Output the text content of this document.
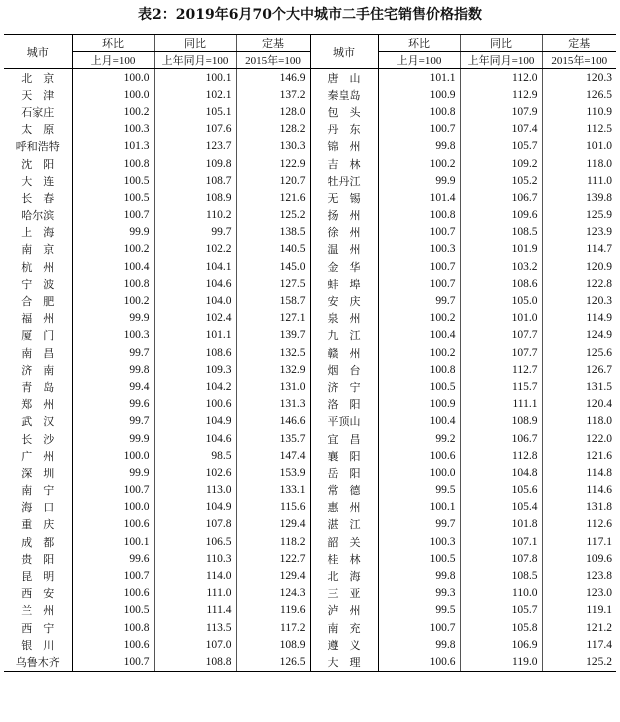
表2：2019年6月70个大中城市二手住宅销售价格指数
城市	环比	同比	定基	城市	环比	同比	定基
	上月=100	上年同月=100	2015年=100		上月=100	上年同月=100	2015年=100
北　京	100.0	100.1	146.9	唐　山	101.1	112.0	120.3
天　津	100.0	102.1	137.2	秦皇岛	100.9	112.9	126.5
石家庄	100.2	105.1	128.0	包　头	100.8	107.9	110.9
太　原	100.3	107.6	128.2	丹　东	100.7	107.4	112.5
呼和浩特	101.3	123.7	130.3	锦　州	99.8	105.7	101.0
沈　阳	100.8	109.8	122.9	吉　林	100.2	109.2	118.0
大　连	100.5	108.7	120.7	牡丹江	99.9	105.2	111.0
长　春	100.5	108.9	121.6	无　锡	101.4	106.7	139.8
哈尔滨	100.7	110.2	125.2	扬　州	100.8	109.6	125.9
上　海	99.9	99.7	138.5	徐　州	100.7	108.5	123.9
南　京	100.2	102.2	140.5	温　州	100.3	101.9	114.7
杭　州	100.4	104.1	145.0	金　华	100.7	103.2	120.9
宁　波	100.8	104.6	127.5	蚌　埠	100.7	108.6	122.8
合　肥	100.2	104.0	158.7	安　庆	99.7	105.0	120.3
福　州	99.9	102.4	127.1	泉　州	100.2	101.0	114.9
厦　门	100.3	101.1	139.7	九　江	100.4	107.7	124.9
南　昌	99.7	108.6	132.5	赣　州	100.2	107.7	125.6
济　南	99.8	109.3	132.9	烟　台	100.8	112.7	126.7
青　岛	99.4	104.2	131.0	济　宁	100.5	115.7	131.5
郑　州	99.6	100.6	131.3	洛　阳	100.9	111.1	120.4
武　汉	99.7	104.9	146.6	平顶山	100.4	108.9	118.0
长　沙	99.9	104.6	135.7	宜　昌	99.2	106.7	122.0
广　州	100.0	98.5	147.4	襄　阳	100.6	112.8	121.6
深　圳	99.9	102.6	153.9	岳　阳	100.0	104.8	114.8
南　宁	100.7	113.0	133.1	常　德	99.5	105.6	114.6
海　口	100.0	104.9	115.6	惠　州	100.1	105.4	131.8
重　庆	100.6	107.8	129.4	湛　江	99.7	101.8	112.6
成　都	100.1	106.5	118.2	韶　关	100.3	107.1	117.1
贵　阳	99.6	110.3	122.7	桂　林	100.5	107.8	109.6
昆　明	100.7	114.0	129.4	北　海	99.8	108.5	123.8
西　安	100.6	111.0	124.3	三　亚	99.3	110.0	123.0
兰　州	100.5	111.4	119.6	泸　州	99.5	105.7	119.1
西　宁	100.8	113.5	117.2	南　充	100.7	105.8	121.2
银　川	100.6	107.0	108.9	遵　义	99.8	106.9	117.4
乌鲁木齐	100.7	108.8	126.5	大　理	100.6	119.0	125.2
